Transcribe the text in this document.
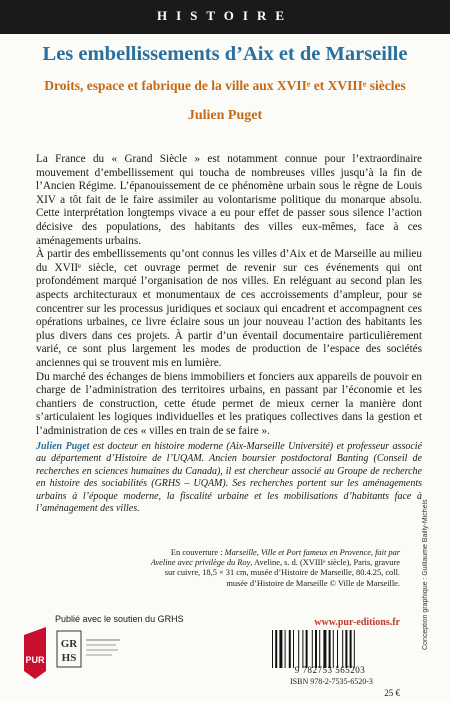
HISTOIRE
Les embellissements d’Aix et de Marseille
Droits, espace et fabrique de la ville aux XVIIᵉ et XVIIIᵉ siècles
Julien Puget

La France du « Grand Siècle » est notamment connue pour l’extraordinaire mouvement d’embellissement qui toucha de nombreuses villes jusqu’à la fin de l’Ancien Régime. L’épanouissement de ce phénomène urbain sous le règne de Louis XIV a tôt fait de le faire assimiler au volontarisme politique du monarque absolu. Cette interprétation longtemps vivace a eu pour effet de passer sous silence l’action décisive des populations, des habitants des villes eux-mêmes, face à ces aménagements urbains.

À partir des embellissements qu’ont connus les villes d’Aix et de Marseille au milieu du XVIIᵉ siècle, cet ouvrage permet de revenir sur ces événements qui ont profondément marqué l’organisation de nos villes. En reléguant au second plan les aspects architecturaux et monumentaux de ces accroissements d’ampleur, pour se concentrer sur les processus juridiques et sociaux qui encadrent et accompagnent ces opérations urbaines, ce livre éclaire sous un jour nouveau l’action des habitants les plus divers dans ces projets. À partir d’un éventail documentaire particulièrement varié, ce sont plus largement les modes de production de l’espace des sociétés anciennes qui se trouvent mis en lumière.

Du marché des échanges de biens immobiliers et fonciers aux appareils de pouvoir en charge de l’administration des territoires urbains, en passant par l’économie et les chantiers de construction, cette étude permet de mieux cerner la manière dont s’articulaient les logiques individuelles et les pratiques collectives dans la gestion et l’administration de ces « villes en train de se faire ».

Julien Puget est docteur en histoire moderne (Aix-Marseille Université) et professeur associé au département d’Histoire de l’UQAM. Ancien boursier postdoctoral Banting (Conseil de recherches en sciences humaines du Canada), il est chercheur associé au Groupe de recherche en histoire des sociabilités (GRHS – UQAM). Ses recherches portent sur les aménagements urbains à l’époque moderne, la fiscalité urbaine et les mobilisations d’habitants face à l’aménagement des villes.
En couverture : Marseille, Ville et Port fameux en Provence, fait par Aveline avec privilège du Roy, Aveline, s. d. (XVIIIᵉ siècle), Paris, gravure sur cuivre, 18,5 × 31 cm, musée d’Histoire de Marseille, 80.4.25, coll. musée d’Histoire de Marseille © Ville de Marseille.
www.pur-editions.fr
9 782753 565203
ISBN 978-2-7535-6520-3
25 €
Conception graphique : Guillaume Bailly-Michels
Publié avec le soutien du GRHS
PUR
GR
HS
